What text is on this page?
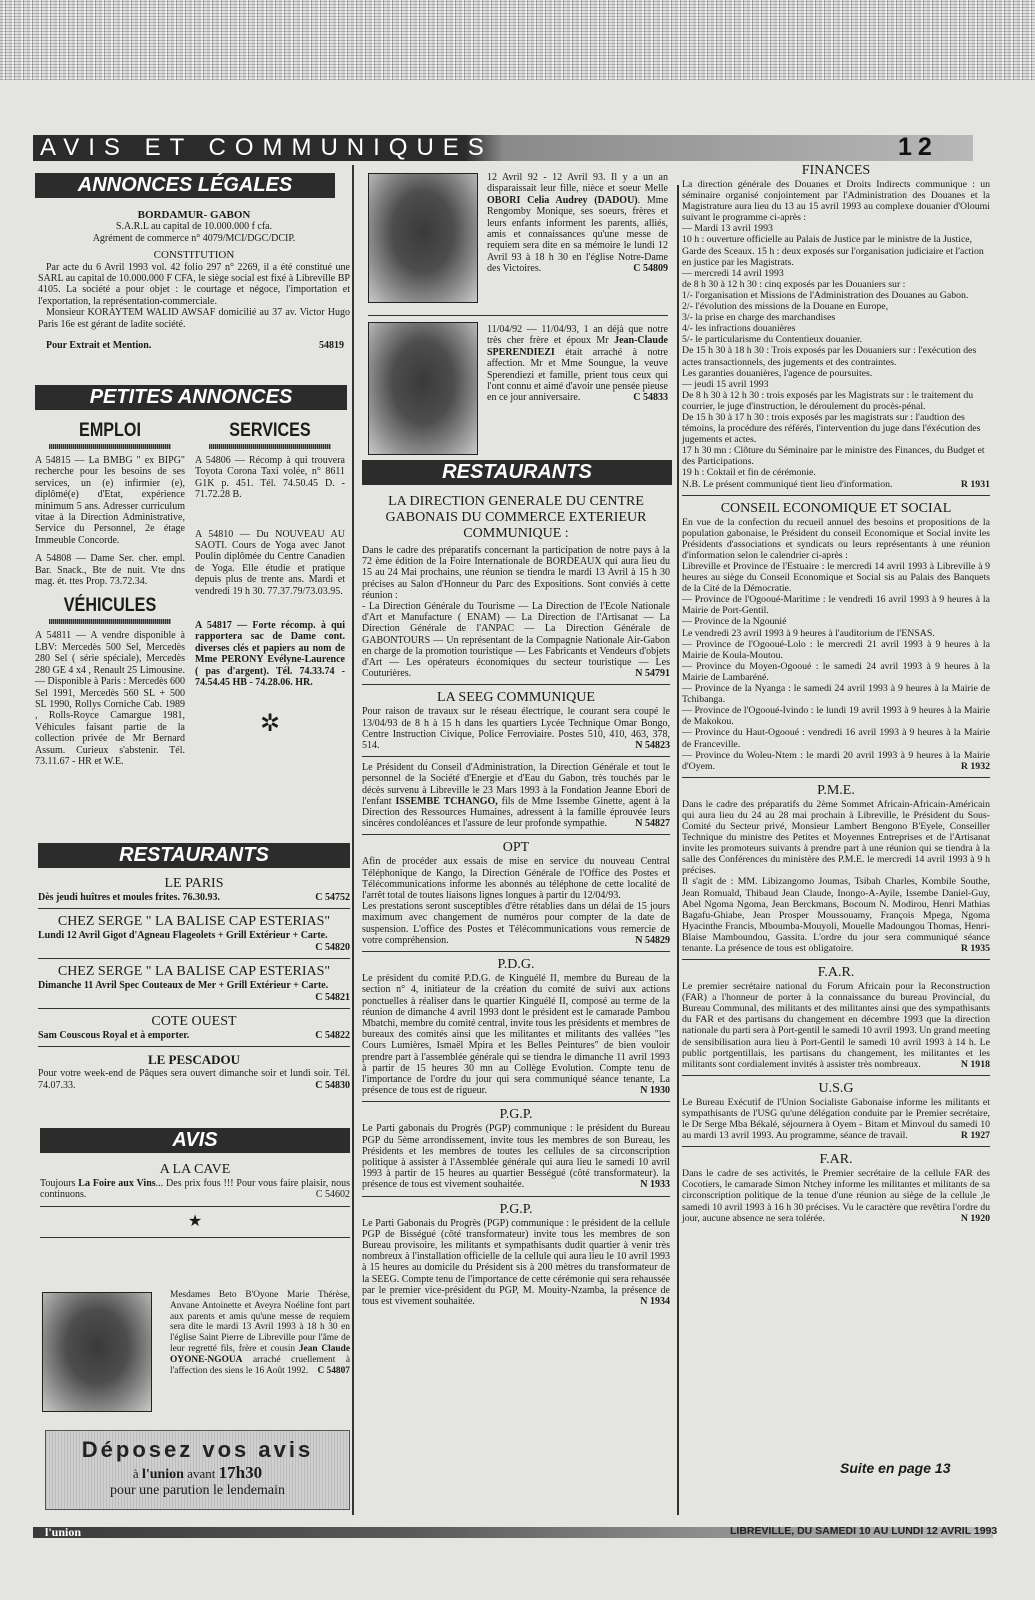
AVIS ET COMMUNIQUES	12
ANNONCES LÉGALES
BORDAMUR- GABON
S.A.R.L au capital de 10.000.000 f cfa.
Agrément de commerce n° 4079/MCI/DGC/DCIP.
CONSTITUTION
Par acte du 6 Avril 1993 vol. 42 folio 297 n° 2269, il a été constitué une SARL au capital de 10.000.000 F CFA, le siège social est fixé à Libreville BP 4105. La société a pour objet : le courtage et négoce, l'importation et l'exportation, la représentation-commerciale.
Monsieur KORAYTEM WALID AWSAF domicilié au 37 av. Victor Hugo Paris 16e est gérant de ladite société.
Pour Extrait et Mention.	54819
PETITES ANNONCES
EMPLOI
A 54815 — La BMBG " ex BIPG" recherche pour les besoins de ses services, un (e) infirmier (e), diplômé(e) d'Etat, expérience minimum 5 ans. Adresser curriculum vitae à la Direction Administrative, Service du Personnel, 2e étage Immeuble Concorde.
A 54808 — Dame Ser. cher. empl. Bar. Snack., Bte de nuit. Vte dns mag. ét. ttes Prop. 73.72.34.
VÉHICULES
A 54811 — A vendre disponible à LBV: Mercedès 500 Sel, Mercedès 280 Sel ( série spéciale), Mercedès 280 GE 4 x4 , Renault 25 Limousine. — Disponible à Paris : Mercedès 600 Sel 1991, Mercedès 560 SL + 500 SL 1990, Rollys Corniche Cab. 1989 , Rolls-Royce Camargue 1981, Véhicules faisant partie de la collection privée de Mr Bernard Assum. Curieux s'abstenir. Tél. 73.11.67 - HR et W.E.
SERVICES
A 54806 — Récomp à qui trouvera Toyota Corona Taxi volée, n° 8611 G1K p. 451. Tél. 74.50.45 D. - 71.72.28 B.
A 54810 — Du NOUVEAU AU SAOTI. Cours de Yoga avec Janot Poulin diplômée du Centre Canadien de Yoga. Elle étudie et pratique depuis plus de trente ans. Mardi et vendredi 19 h 30. 77.37.79/73.03.95.
A 54817 — Forte récomp. à qui rapportera sac de Dame cont. diverses clés et papiers au nom de Mme PERONY Evélyne-Laurence ( pas d'argent). Tél. 74.33.74 - 74.54.45 HB - 74.28.06. HR.
✲
RESTAURANTS
LE PARIS
Dès jeudi huîtres et moules frites. 76.30.93.	C 54752
CHEZ SERGE " LA BALISE CAP ESTERIAS"
Lundi 12 Avril Gigot d'Agneau Flageolets + Grill Extérieur + Carte.
C 54820
CHEZ SERGE " LA BALISE CAP ESTERIAS"
Dimanche 11 Avril Spec Couteaux de Mer + Grill Extérieur + Carte.
C 54821
COTE OUEST
Sam Couscous Royal et à emporter.	C 54822
LE PESCADOU
Pour votre week-end de Pâques sera ouvert dimanche soir et lundi soir. Tél. 74.07.33.	C 54830
AVIS
A LA CAVE
Toujours La Foire aux Vins... Des prix fous !!! Pour vous faire plaisir, nous continuons.	C 54602
★
Mesdames Beto B'Oyone Marie Thérèse, Anvane Antoinette et Aveyra Noéline font part aux parents et amis qu'une messe de requiem sera dite le mardi 13 Avril 1993 à 18 h 30 en l'église Saint Pierre de Libreville pour l'âme de leur regretté fils, frère et cousin Jean Claude OYONE-NGOUA arraché cruellement à l'affection des siens le 16 Août 1992. C 54807
Déposez vos avis
à l'union avant 17h30
pour une parution le lendemain
12 Avril 92 - 12 Avril 93. Il y a un an disparaissait leur fille, nièce et soeur Melle OBORI Celia Audrey (DADOU). Mme Rengomby Monique, ses soeurs, frères et leurs enfants informent les parents, alliés, amis et connaissances qu'une messe de requiem sera dite en sa mémoire le lundi 12 Avril 93 à 18 h 30 en l'église Notre-Dame des Victoires.	C 54809
11/04/92 — 11/04/93, 1 an déjà que notre très cher frère et époux Mr Jean-Claude SPERENDIEZI était arraché à notre affection. Mr et Mme Soungue, la veuve Sperendiezi et famille, prient tous ceux qui l'ont connu et aimé d'avoir une pensée pieuse en ce jour anniversaire.	C 54833
RESTAURANTS
LA DIRECTION GENERALE DU CENTRE GABONAIS DU COMMERCE EXTERIEUR COMMUNIQUE :
Dans le cadre des préparatifs concernant la participation de notre pays à la 72 ème édition de la Foire Internationale de BORDEAUX qui aura lieu du 15 au 24 Mai prochains, une réunion se tiendra le mardi 13 Avril à 15 h 30 précises au Salon d'Honneur du Parc des Expositions. Sont conviés à cette réunion :
- La Direction Générale du Tourisme — La Direction de l'Ecole Nationale d'Art et Manufacture ( ENAM) — La Direction de l'Artisanat — La Direction Générale de l'ANPAC — La Direction Générale de GABONTOURS — Un représentant de la Compagnie Nationale Air-Gabon en charge de la promotion touristique — Les Fabricants et Vendeurs d'objets d'Art — Les opérateurs économiques du secteur touristique — Les Couturières.	N 54791
LA SEEG COMMUNIQUE
Pour raison de travaux sur le réseau électrique, le courant sera coupé le 13/04/93 de 8 h à 15 h dans les quartiers Lycée Technique Omar Bongo, Centre Instruction Civique, Police Ferroviaire. Postes 510, 410, 463, 378, 514.	N 54823
Le Président du Conseil d'Administration, la Direction Générale et tout le personnel de la Société d'Energie et d'Eau du Gabon, très touchés par le décès survenu à Libreville le 23 Mars 1993 à la Fondation Jeanne Ebori de l'enfant ISSEMBE TCHANGO, fils de Mme Issembe Ginette, agent à la Direction des Ressources Humaines, adressent à la famille éprouvée leurs sincères condoléances et l'assure de leur profonde sympathie.	N 54827
OPT
Afin de procéder aux essais de mise en service du nouveau Central Téléphonique de Kango, la Direction Générale de l'Office des Postes et Télécommunications informe les abonnés au téléphone de cette localité de l'arrêt total de toutes liaisons lignes longues à partir du 12/04/93.
Les prestations seront susceptibles d'être rétablies dans un délai de 15 jours maximum avec changement de numéros pour compter de la date de suspension. L'office des Postes et Télécommunications vous remercie de votre compréhension.	N 54829
P.D.G.
Le président du comité P.D.G. de Kinguélé II, membre du Bureau de la section n° 4, initiateur de la création du comité de suivi aux actions ponctuelles à réaliser dans le quartier Kinguélé II, composé au terme de la réunion de dimanche 4 avril 1993 dont le président est le camarade Pambou Mbatchi, membre du comité central, invite tous les présidents et membres de bureaux des comités ainsi que les militantes et militants des vallées "les Cours Lumières, Ismaël Mpira et les Belles Peintures" de bien vouloir prendre part à l'assemblée générale qui se tiendra le dimanche 11 avril 1993 à partir de 15 heures 30 mn au Collège Evolution. Compte tenu de l'importance de l'ordre du jour qui sera communiqué séance tenante, La présence de tous est de rigueur.	N 1930
P.G.P.
Le Parti gabonais du Progrès (PGP) communique : le président du Bureau PGP du 5ème arrondissement, invite tous les membres de son Bureau, les Présidents et les membres de toutes les cellules de sa circonscription politique à assister à l'Assemblée générale qui aura lieu le samedi 10 avril 1993 à partir de 15 heures au quartier Bességué (côté transformateur). la présence de tous est vivement souhaitée.	N 1933
P.G.P.
Le Parti Gabonais du Progrès (PGP) communique : le président de la cellule PGP de Bisségué (côté transformateur) invite tous les membres de son Bureau provisoire, les militants et sympathisants dudit quartier à venir très nombreux à l'installation officielle de la cellule qui aura lieu le 10 avril 1993 à 15 heures au domicile du Président sis à 200 mètres du transformateur de la SEEG. Compte tenu de l'importance de cette cérémonie qui sera rehaussée par le premier vice-président du PGP, M. Mouity-Nzamba, la présence de tous est vivement souhaitée.	N 1934
FINANCES
La direction générale des Douanes et Droits Indirects communique : un séminaire organisé conjointement par l'Administration des Douanes et la Magistrature aura lieu du 13 au 15 avril 1993 au complexe douanier d'Oloumi suivant le programme ci-après :
— Mardi 13 avril 1993
10 h : ouverture officielle au Palais de Justice par le ministre de la Justice, Garde des Sceaux. 15 h : deux exposés sur l'organisation judiciaire et l'action en justice par les Magistrats.
— mercredi 14 avril 1993
de 8 h 30 à 12 h 30 : cinq exposés par les Douaniers sur :
1/- l'organisation et Missions de l'Administration des Douanes au Gabon.
2/- l'évolution des missions de la Douane en Europe,
3/- la prise en charge des marchandises
4/- les infractions douanières
5/- le particularisme du Contentieux douanier.
De 15 h 30 à 18 h 30 : Trois exposés par les Douaniers sur : l'exécution des actes transactionnels, des jugements et des contraintes.
Les garanties douanières, l'agence de poursuites.
— jeudi 15 avril 1993
De 8 h 30 à 12 h 30 : trois exposés par les Magistrats sur : le traitement du courrier, le juge d'instruction, le déroulement du procès-pénal.
De 15 h 30 à 17 h 30 : trois exposés par les magistrats sur : l'audtion des témoins, la procédure des référés, l'intervention du juge dans l'éxécution des jugements et actes.
17 h 30 mn : Clôture du Séminaire par le ministre des Finances, du Budget et des Participations.
19 h : Coktail et fin de cérémonie.
N.B. Le présent communiqué tient lieu d'information.	R 1931
CONSEIL ECONOMIQUE ET SOCIAL
En vue de la confection du recueil annuel des besoins et propositions de la population gabonaise, le Président du conseil Economique et Social invite les Présidents d'associations et syndicats ou leurs représentants à une réunion d'information selon le calendrier ci-après :
Libreville et Province de l'Estuaire : le mercredi 14 avril 1993 à Libreville à 9 heures au siège du Conseil Economique et Social sis au Palais des Banquets de la Cité de la Démocratie.
— Province de l'Ogooué-Maritime : le vendredi 16 avril 1993 à 9 heures à la Mairie de Port-Gentil.
— Province de la Ngounié
Le vendredi 23 avril 1993 à 9 heures à l'auditorium de l'ENSAS.
— Province de l'Ogooué-Lolo : le mercredi 21 avril 1993 à 9 heures à la Mairie de Koula-Moutou.
— Province du Moyen-Ogooué : le samedi 24 avril 1993 à 9 heures à la Mairie de Lambaréné.
— Province de la Nyanga : le samedi 24 avril 1993 à 9 heures à la Mairie de Tchibanga.
— Province de l'Ogooué-Ivindo : le lundi 19 avril 1993 à 9 heures à la Mairie de Makokou.
— Province du Haut-Ogooué : vendredi 16 avril 1993 à 9 heures à la Mairie de Franceville.
— Province du Woleu-Ntem : le mardi 20 avril 1993 à 9 heures à la Mairie d'Oyem.	R 1932
P.M.E.
Dans le cadre des préparatifs du 2ème Sommet Africain-Africain-Américain qui aura lieu du 24 au 28 mai prochain à Libreville, le Président du Sous-Comité du Secteur privé, Monsieur Lambert Bengono B'Eyele, Conseiller Technique du ministre des Petites et Moyennes Entreprises et de l'Artisanat invite les promoteurs suivants à prendre part à une réunion qui se tiendra à la salle des Conférences du ministère des P.M.E. le mercredi 14 avril 1993 à 9 h précises.
Il s'agit de : MM. Libizangomo Joumas, Tsibah Charles, Kombile Southe, Jean Romuald, Thibaud Jean Claude, Inongo-A-Ayile, Issembe Daniel-Guy, Abel Ngoma Ngoma, Jean Berckmans, Bocoum N. Modirou, Henri Mathias Bagafu-Ghiabe, Jean Prosper Moussouamy, François Mpega, Ngoma Hyacinthe Francis, Mboumba-Mouyoli, Mouelle Madoungou Thomas, Henri-Blaise Mamboundou, Gassita. L'ordre du jour sera communiqué séance tenante. La présence de tous est obligatoire.	R 1935
F.A.R.
Le premier secrétaire national du Forum Africain pour la Reconstruction (FAR) a l'honneur de porter à la connaissance du bureau Provincial, du Bureau Communal, des militants et des militantes ainsi que des sympathisants du FAR et des partisans du changement en décembre 1993 que la direction nationale du parti sera à Port-gentil le samedi 10 avril 1993. Un grand meeting de sensibilisation aura lieu à Port-Gentil le samedi 10 avril 1993 à 14 h. Le public portgentillais, les partisans du changement, les militantes et les militants sont cordialement invités à assister très nombreaux.	N 1918
U.S.G
Le Bureau Exécutif de l'Union Socialiste Gabonaise informe les militants et sympathisants de l'USG qu'une délégation conduite par le Premier secrétaire, le Dr Serge Mba Békalé, séjournera à Oyem - Bitam et Minvoul du samedi 10 au mardi 13 avril 1993. Au programme, séance de travail.	R 1927
F.AR.
Dans le cadre de ses activités, le Premier secrétaire de la cellule FAR des Cocotiers, le camarade Simon Ntchey informe les militantes et militants de sa circonscription politique de la tenue d'une réunion au siège de la cellule ,le samedi 10 avril 1993 à 16 h 30 précises. Vu le caractère que revêtira l'ordre du jour, aucune absence ne sera tolérée.	N 1920
Suite en page 13
l'union	LIBREVILLE, DU SAMEDI 10 AU LUNDI 12 AVRIL 1993
